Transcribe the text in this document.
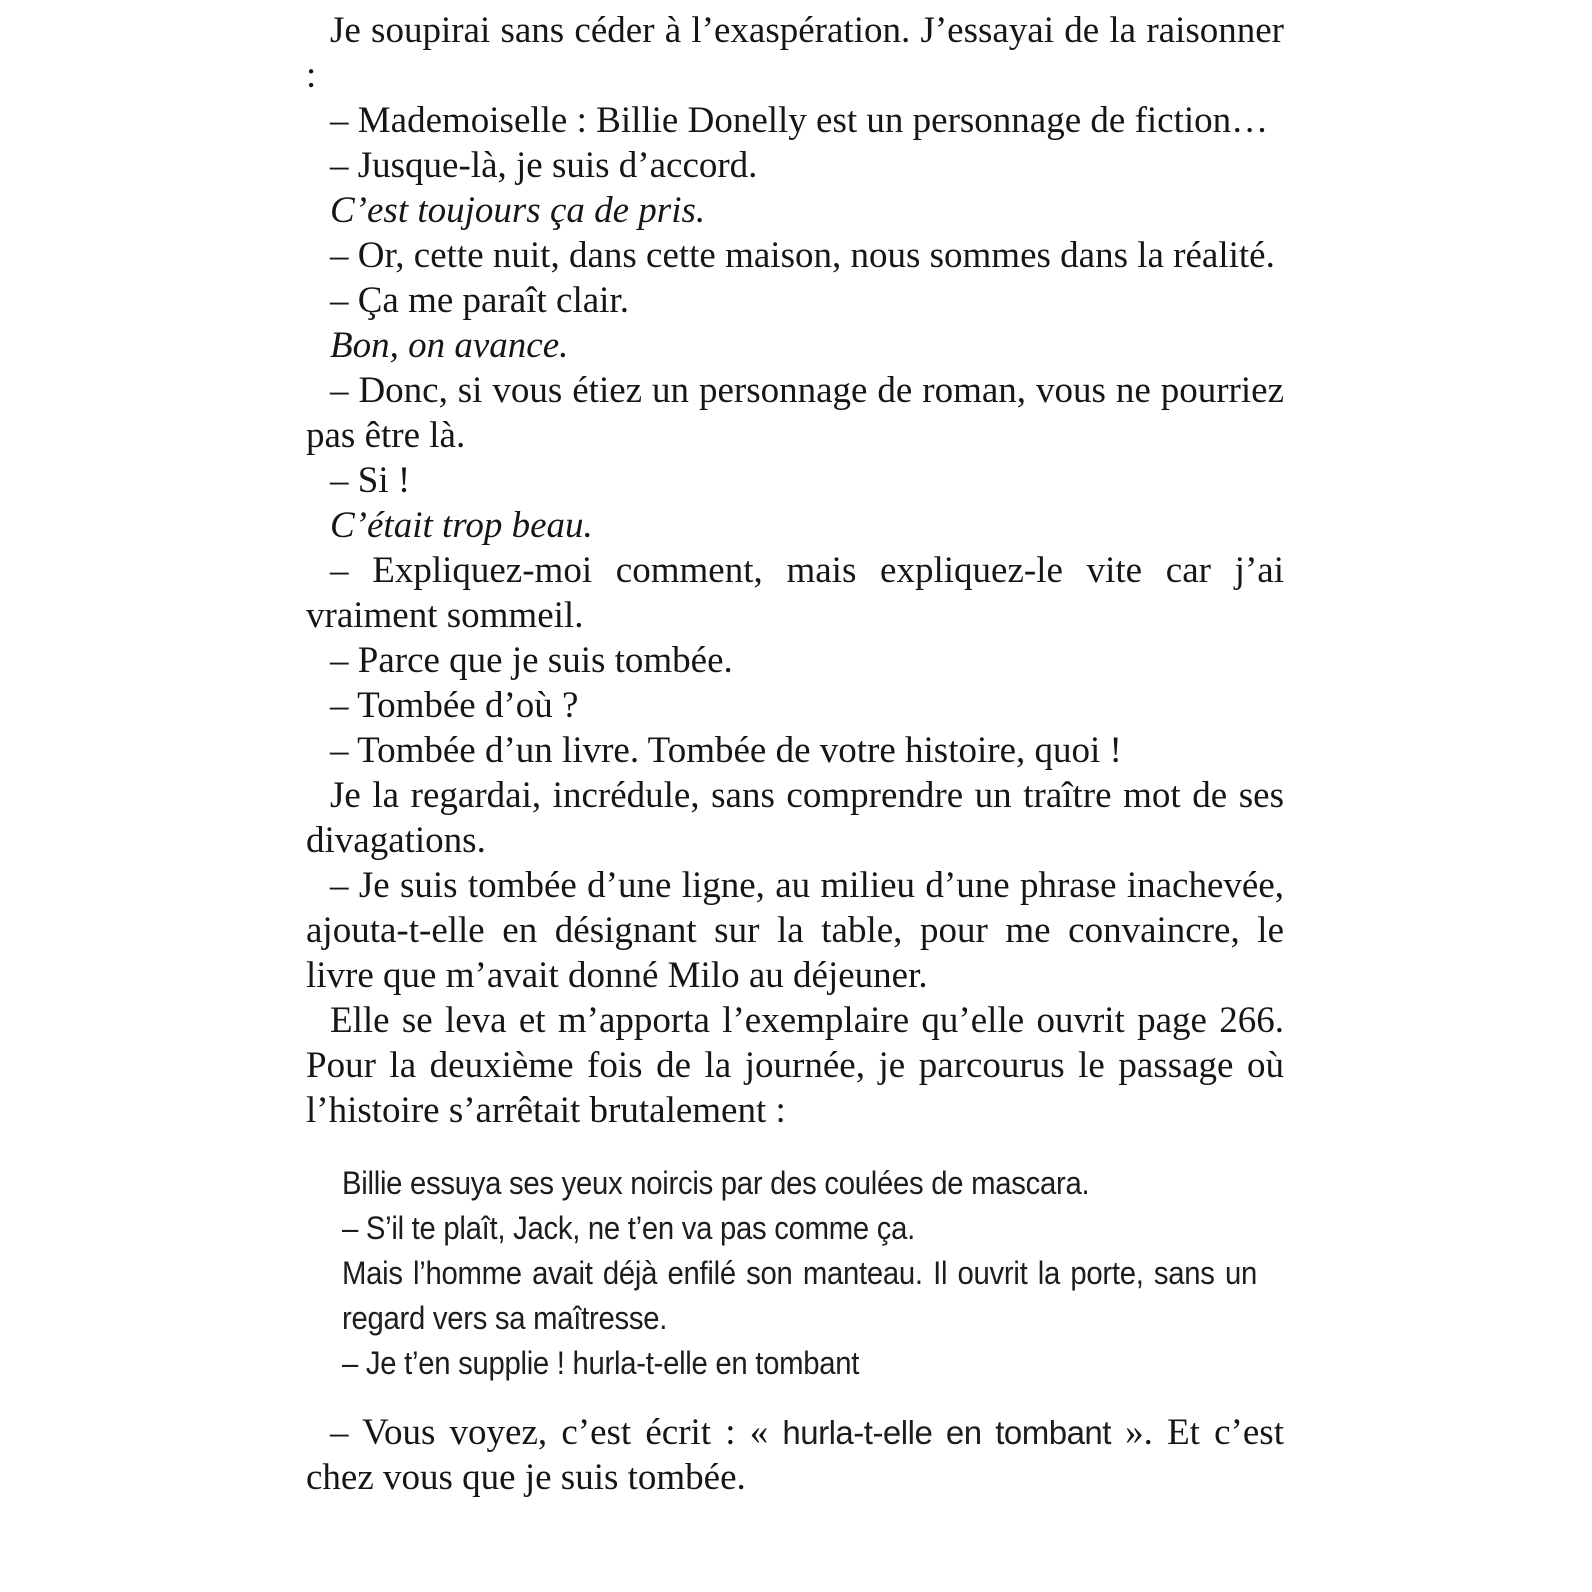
Je soupirai sans céder à l’exaspération. J’essayai de la raisonner :

– Mademoiselle : Billie Donelly est un personnage de fiction…

– Jusque-là, je suis d’accord.

C’est toujours ça de pris.

– Or, cette nuit, dans cette maison, nous sommes dans la réalité.

– Ça me paraît clair.

Bon, on avance.

– Donc, si vous étiez un personnage de roman, vous ne pourriez pas être là.

– Si !

C’était trop beau.

– Expliquez-moi comment, mais expliquez-le vite car j’ai vraiment sommeil.

– Parce que je suis tombée.

– Tombée d’où ?

– Tombée d’un livre. Tombée de votre histoire, quoi !

Je la regardai, incrédule, sans comprendre un traître mot de ses divagations.

– Je suis tombée d’une ligne, au milieu d’une phrase inachevée, ajouta-t-elle en désignant sur la table, pour me convaincre, le livre que m’avait donné Milo au déjeuner.

Elle se leva et m’apporta l’exemplaire qu’elle ouvrit page 266. Pour la deuxième fois de la journée, je parcourus le passage où l’histoire s’arrêtait brutalement :

Billie essuya ses yeux noircis par des coulées de mascara.

– S’il te plaît, Jack, ne t’en va pas comme ça.

Mais l’homme avait déjà enfilé son manteau. Il ouvrit la porte, sans un regard vers sa maîtresse.

– Je t’en supplie ! hurla-t-elle en tombant

– Vous voyez, c’est écrit : « hurla-t-elle en tombant ». Et c’est chez vous que je suis tombée.
